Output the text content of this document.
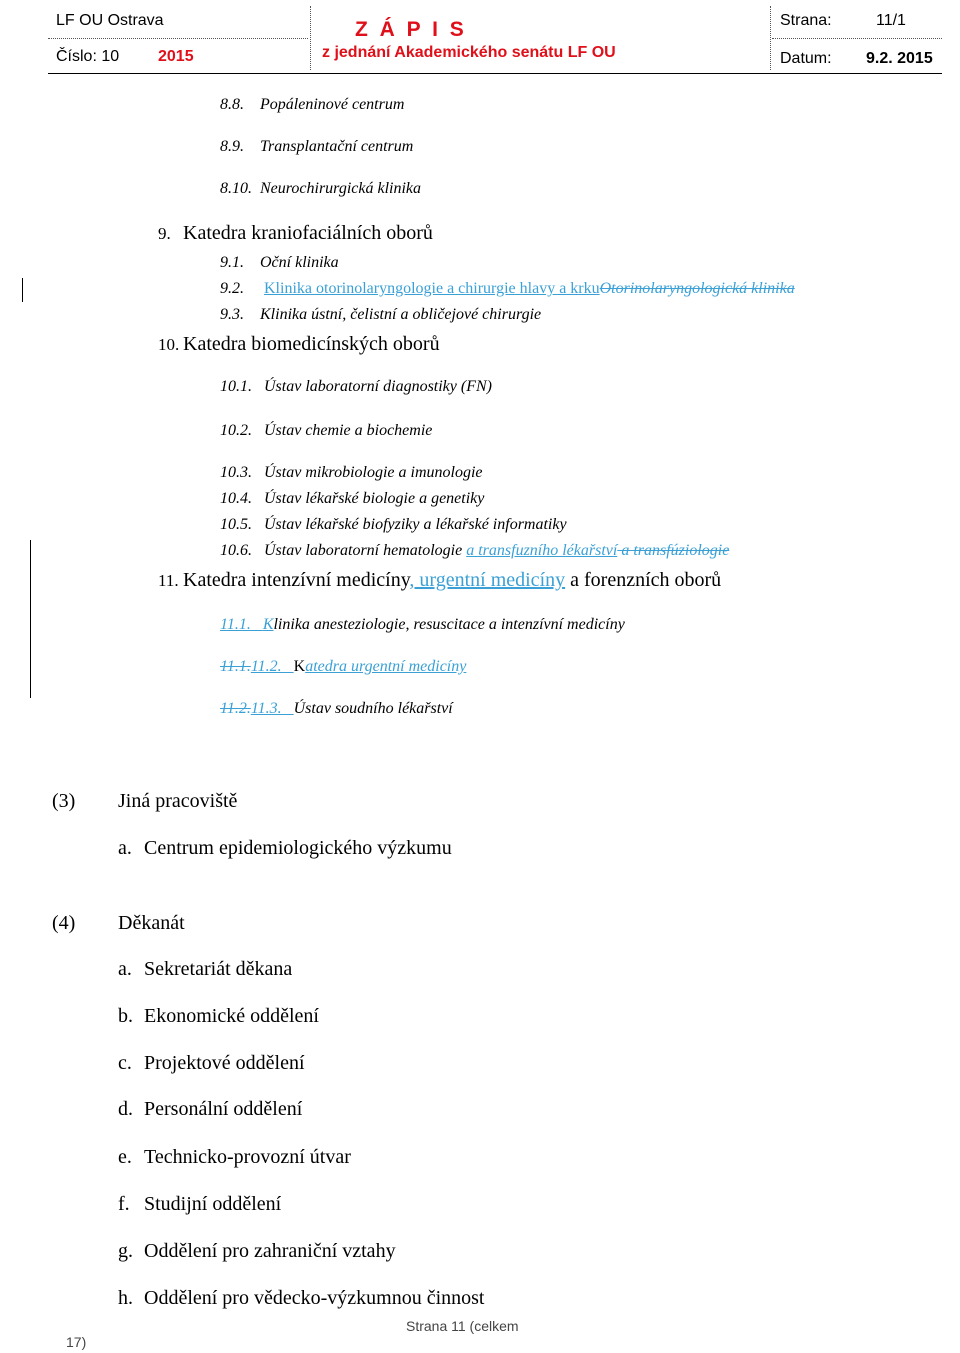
LF OU Ostrava	Z Á P I S	Strana:	11/1
Číslo: 10 2015	z jednání Akademického senátu LF OU	Datum: 9.2. 2015
8.8. Popáleninové centrum
8.9. Transplantační centrum
8.10. Neurochirurgická klinika
9. Katedra kraniofaciálních oborů
9.1. Oční klinika
9.2. Klinika otorinolaryngologie a chirurgie hlavy a krkuOtorinolaryngologická klinika
9.3. Klinika ústní, čelistní a obličejové chirurgie
10. Katedra biomedicínských oborů
10.1. Ústav laboratorní diagnostiky (FN)
10.2. Ústav chemie a biochemie
10.3. Ústav mikrobiologie a imunologie
10.4. Ústav lékařské biologie a genetiky
10.5. Ústav lékařské biofyziky a lékařské informatiky
10.6. Ústav laboratorní hematologie a transfuzního lékařství a transfúziologie
11. Katedra intenzívní medicíny, urgentní medicíny a forenzních oborů
11.1.   Klinika anesteziologie, resuscitace a intenzívní medicíny
11.1.11.2.   Katedra urgentní medicíny
11.2.11.3.   Ústav soudního lékařství
(3) Jiná pracoviště
a. Centrum epidemiologického výzkumu
(4) Děkanát
a. Sekretariát děkana
b. Ekonomické oddělení
c. Projektové oddělení
d. Personální oddělení
e. Technicko-provozní útvar
f. Studijní oddělení
g. Oddělení pro zahraniční vztahy
h. Oddělení pro vědecko-výzkumnou činnost
Strana 11 (celkem
17)
